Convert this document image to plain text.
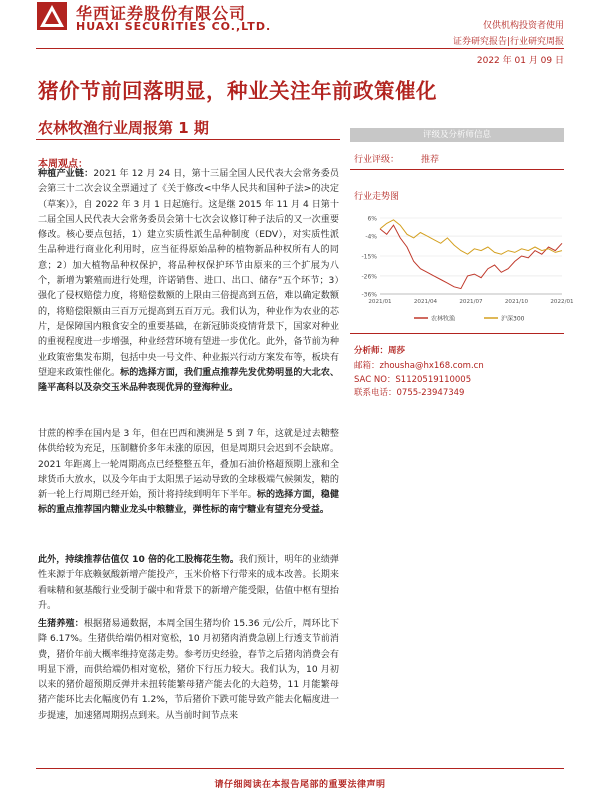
华西证券股份有限公司
HUAXI SECURITIES CO.,LTD.	仅供机构投资者使用
证券研究报告|行业研究周报
2022 年 01 月 09 日
猪价节前回落明显，种业关注年前政策催化
农林牧渔行业周报第 1 期
本周观点：
种植产业链：2021 年 12 月 24 日，第十三届全国人民代表大会常务委员会第三十二次会议全票通过了《关于修改<中华人民共和国种子法>的决定（草案）》，自 2022 年 3 月 1 日起施行。这是继 2015 年 11 月 4 日第十二届全国人民代表大会常务委员会第十七次会议修订种子法后的又一次重要修改。核心要点包括，1）建立实质性派生品种制度（EDV），对实质性派生品种进行商业化利用时，应当征得原始品种的植物新品种权所有人的同意；2）加大植物品种权保护，将品种权保护环节由原来的三个扩展为八个，新增为繁殖而进行处理，许诺销售、进口、出口、储存”五个环节；3）强化了侵权赔偿力度，将赔偿数额的上限由三倍提高到五倍，难以确定数额的，将赔偿限额由三百万元提高到五百万元。我们认为，种业作为农业的芯片，是保障国内粮食安全的重要基础，在新冠肺炎疫情背景下，国家对种业的重视程度进一步增强，种业经营环境有望进一步优化。此外，备节前为种业政策密集发布期，包括中央一号文件、种业振兴行动方案发布等，板块有望迎来政策性催化。标的选择方面，我们重点推荐先发优势明显的大北农、隆平高科以及杂交玉米品种表现优异的登海种业。
甘蔗的榨季在国内是 3 年，但在巴西和澳洲是 5 到 7 年，这就是过去糖整体供给较为充足，压制糖价多年未涨的原因，但是周期只会迟到不会缺席。2021 年距离上一轮周期高点已经整整五年，叠加石油价格超预期上涨和全球货币大放水，以及今年由于太阳黑子运动导致的全球极端气候频发，糖的新一轮上行周期已经开始，预计将持续到明年下半年。标的选择方面，稳健标的重点推荐国内糖业龙头中粮糖业，弹性标的南宁糖业有望充分受益。
此外，持续推荐估值仅 10 倍的化工股梅花生物。我们预计，明年的业绩弹性来源于年底赖氨酸新增产能投产，玉米价格下行带来的成本改善。长期来看味精和氨基酸行业受制于碳中和背景下的新增产能受限，估值中枢有望抬升。
生猪养殖：根据猪易通数据，本周全国生猪均价 15.36 元/公斤，周环比下降 6.17%。生猪供给端仍相对宽松，10 月初猪肉消费急剧上行透支节前消费，猪价年前大概率维持宽荡走势。参考历史经验，春节之后猪肉消费会有明显下滑，而供给端仍相对宽松，猪价下行压力较大。我们认为，10 月初以来的猪价超预期反弹并未扭转能繁母猪产能去化的大趋势，11 月能繁母猪产能环比去化幅度仍有 1.2%，节后猪价下跌可能导致产能去化幅度进一步提速，加速猪周期拐点到来。从当前时间节点来
评级及分析师信息
行业评级： 推荐
行业走势图
6%
-4%
-15%
-26%
-36%
2021/01	2021/04	2021/07	2021/10	2022/01
农林牧渔	沪深300
分析师：周莎
邮箱：zhousha@hx168.com.cn
SAC NO：S1120519110005
联系电话：0755-23947349
请仔细阅读在本报告尾部的重要法律声明
